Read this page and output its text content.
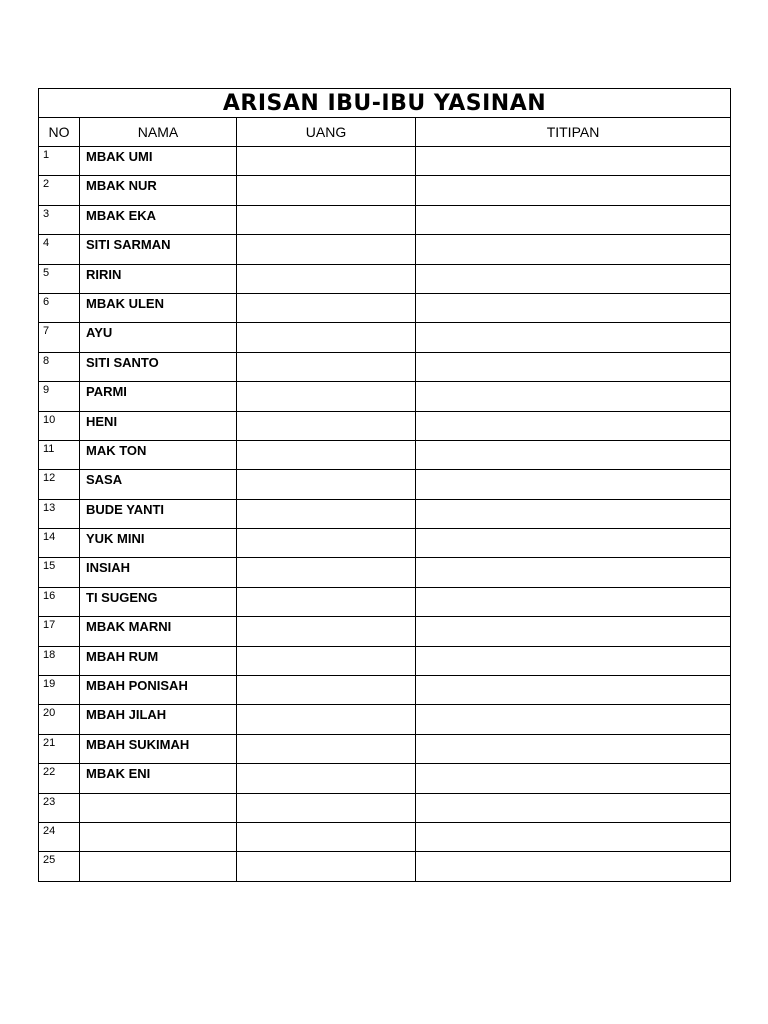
ARISAN IBU-IBU YASINAN			
NO	NAMA	UANG	TITIPAN
1	MBAK UMI		
2	MBAK NUR		
3	MBAK EKA		
4	SITI SARMAN		
5	RIRIN		
6	MBAK ULEN		
7	AYU		
8	SITI SANTO		
9	PARMI		
10	HENI		
11	MAK TON		
12	SASA		
13	BUDE YANTI		
14	YUK MINI		
15	INSIAH		
16	TI SUGENG		
17	MBAK MARNI		
18	MBAH RUM		
19	MBAH PONISAH		
20	MBAH JILAH		
21	MBAH SUKIMAH		
22	MBAK ENI		
23			
24			
25			
